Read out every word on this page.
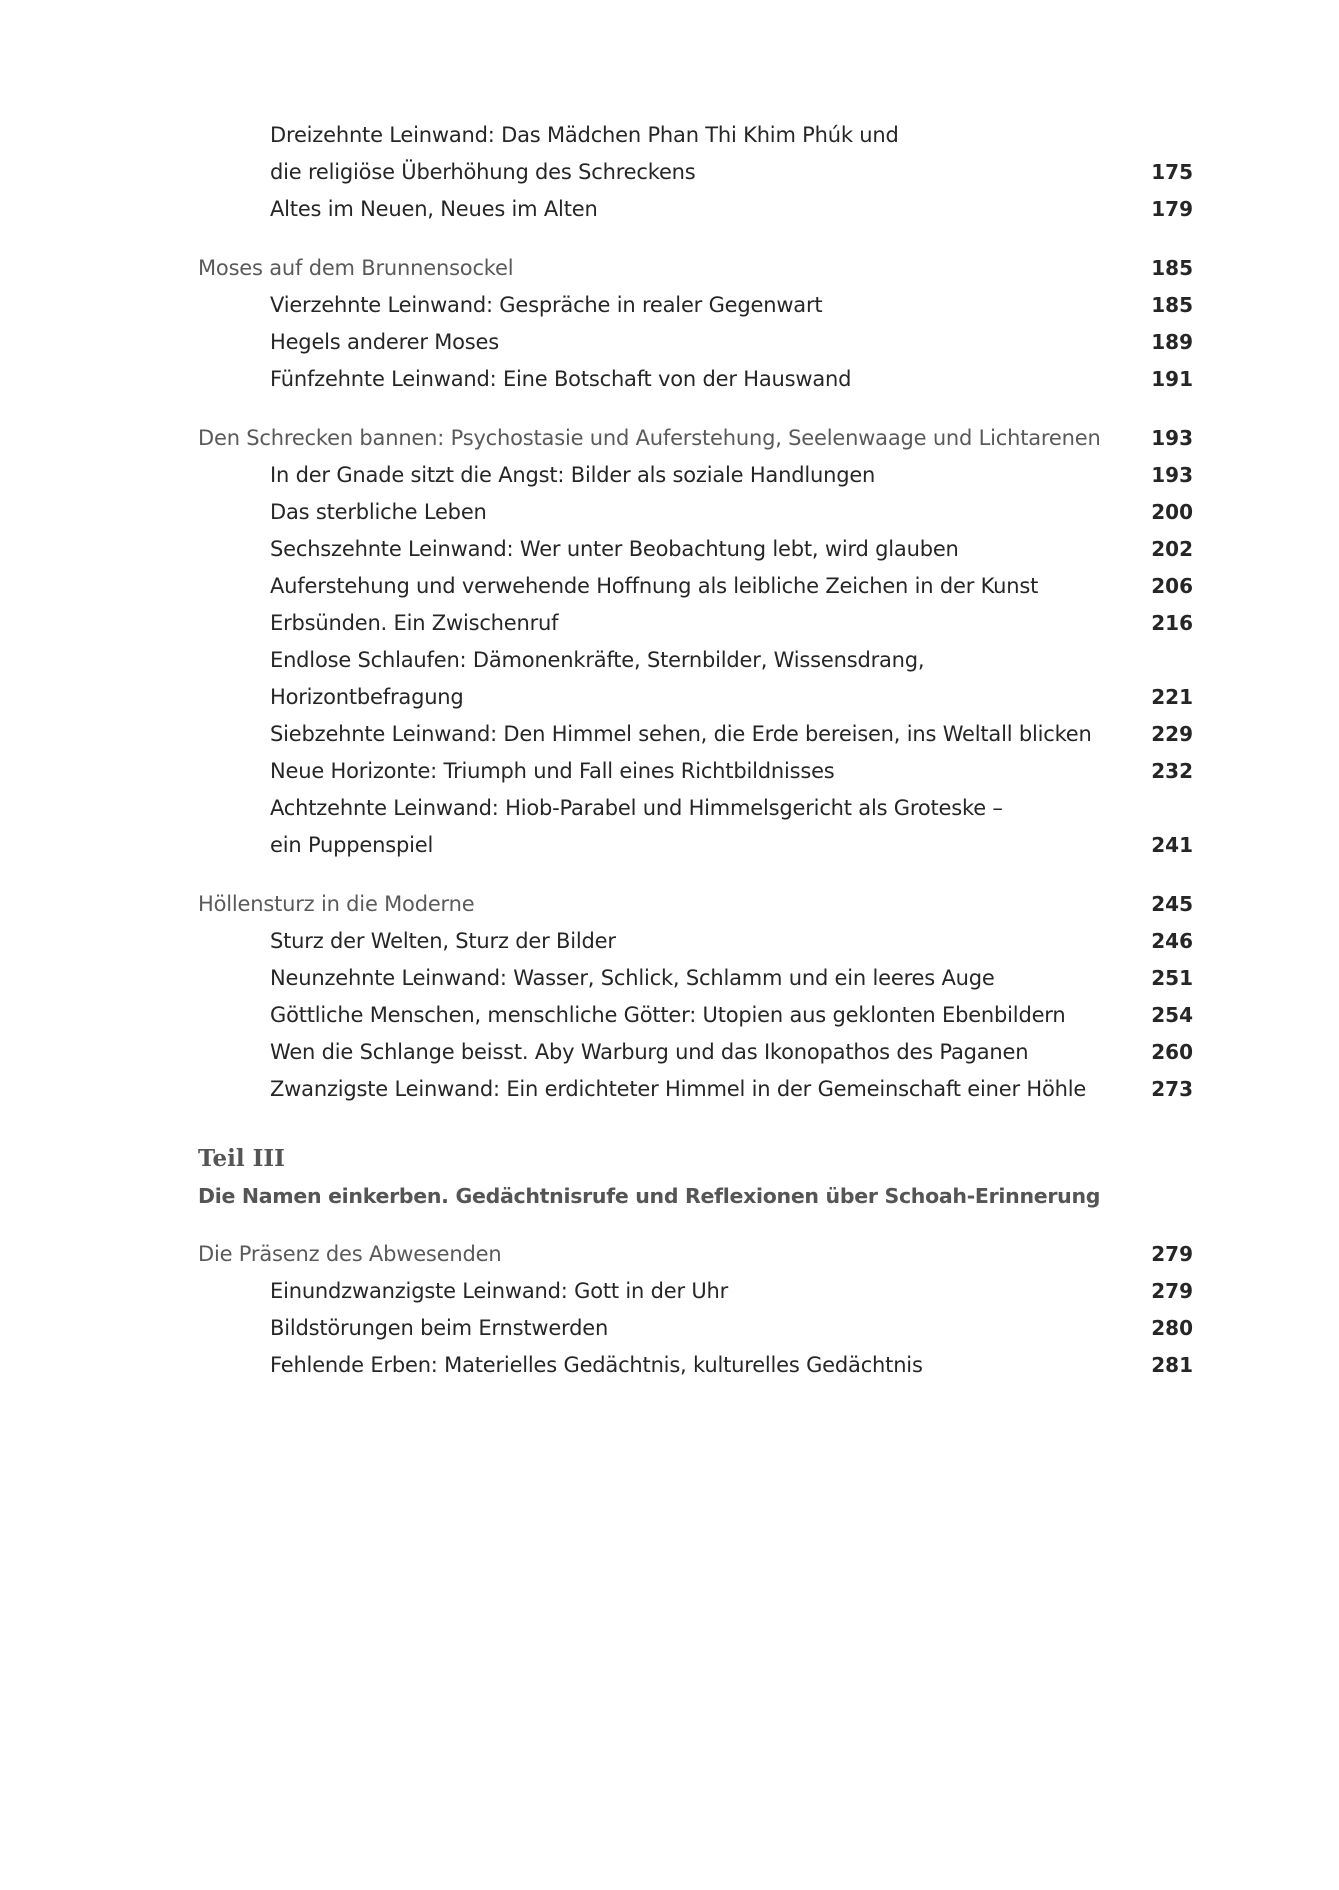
Dreizehnte Leinwand: Das Mädchen Phan Thi Khim Phúk und
die religiöse Überhöhung des Schreckens	175
Altes im Neuen, Neues im Alten	179
Moses auf dem Brunnensockel	185
Vierzehnte Leinwand: Gespräche in realer Gegenwart	185
Hegels anderer Moses	189
Fünfzehnte Leinwand: Eine Botschaft von der Hauswand	191
Den Schrecken bannen: Psychostasie und Auferstehung, Seelenwaage und Lichtarenen	193
In der Gnade sitzt die Angst: Bilder als soziale Handlungen	193
Das sterbliche Leben	200
Sechszehnte Leinwand: Wer unter Beobachtung lebt, wird glauben	202
Auferstehung und verwehende Hoffnung als leibliche Zeichen in der Kunst	206
Erbsünden. Ein Zwischenruf	216
Endlose Schlaufen: Dämonenkräfte, Sternbilder, Wissensdrang,
Horizontbefragung	221
Siebzehnte Leinwand: Den Himmel sehen, die Erde bereisen, ins Weltall blicken	229
Neue Horizonte: Triumph und Fall eines Richtbildnisses	232
Achtzehnte Leinwand: Hiob-Parabel und Himmelsgericht als Groteske –
ein Puppenspiel	241
Höllensturz in die Moderne	245
Sturz der Welten, Sturz der Bilder	246
Neunzehnte Leinwand: Wasser, Schlick, Schlamm und ein leeres Auge	251
Göttliche Menschen, menschliche Götter: Utopien aus geklonten Ebenbildern	254
Wen die Schlange beisst. Aby Warburg und das Ikonopathos des Paganen	260
Zwanzigste Leinwand: Ein erdichteter Himmel in der Gemeinschaft einer Höhle	273
Teil III
Die Namen einkerben. Gedächtnisrufe und Reflexionen über Schoah-Erinnerung
Die Präsenz des Abwesenden	279
Einundzwanzigste Leinwand: Gott in der Uhr	279
Bildstörungen beim Ernstwerden	280
Fehlende Erben: Materielles Gedächtnis, kulturelles Gedächtnis	281
